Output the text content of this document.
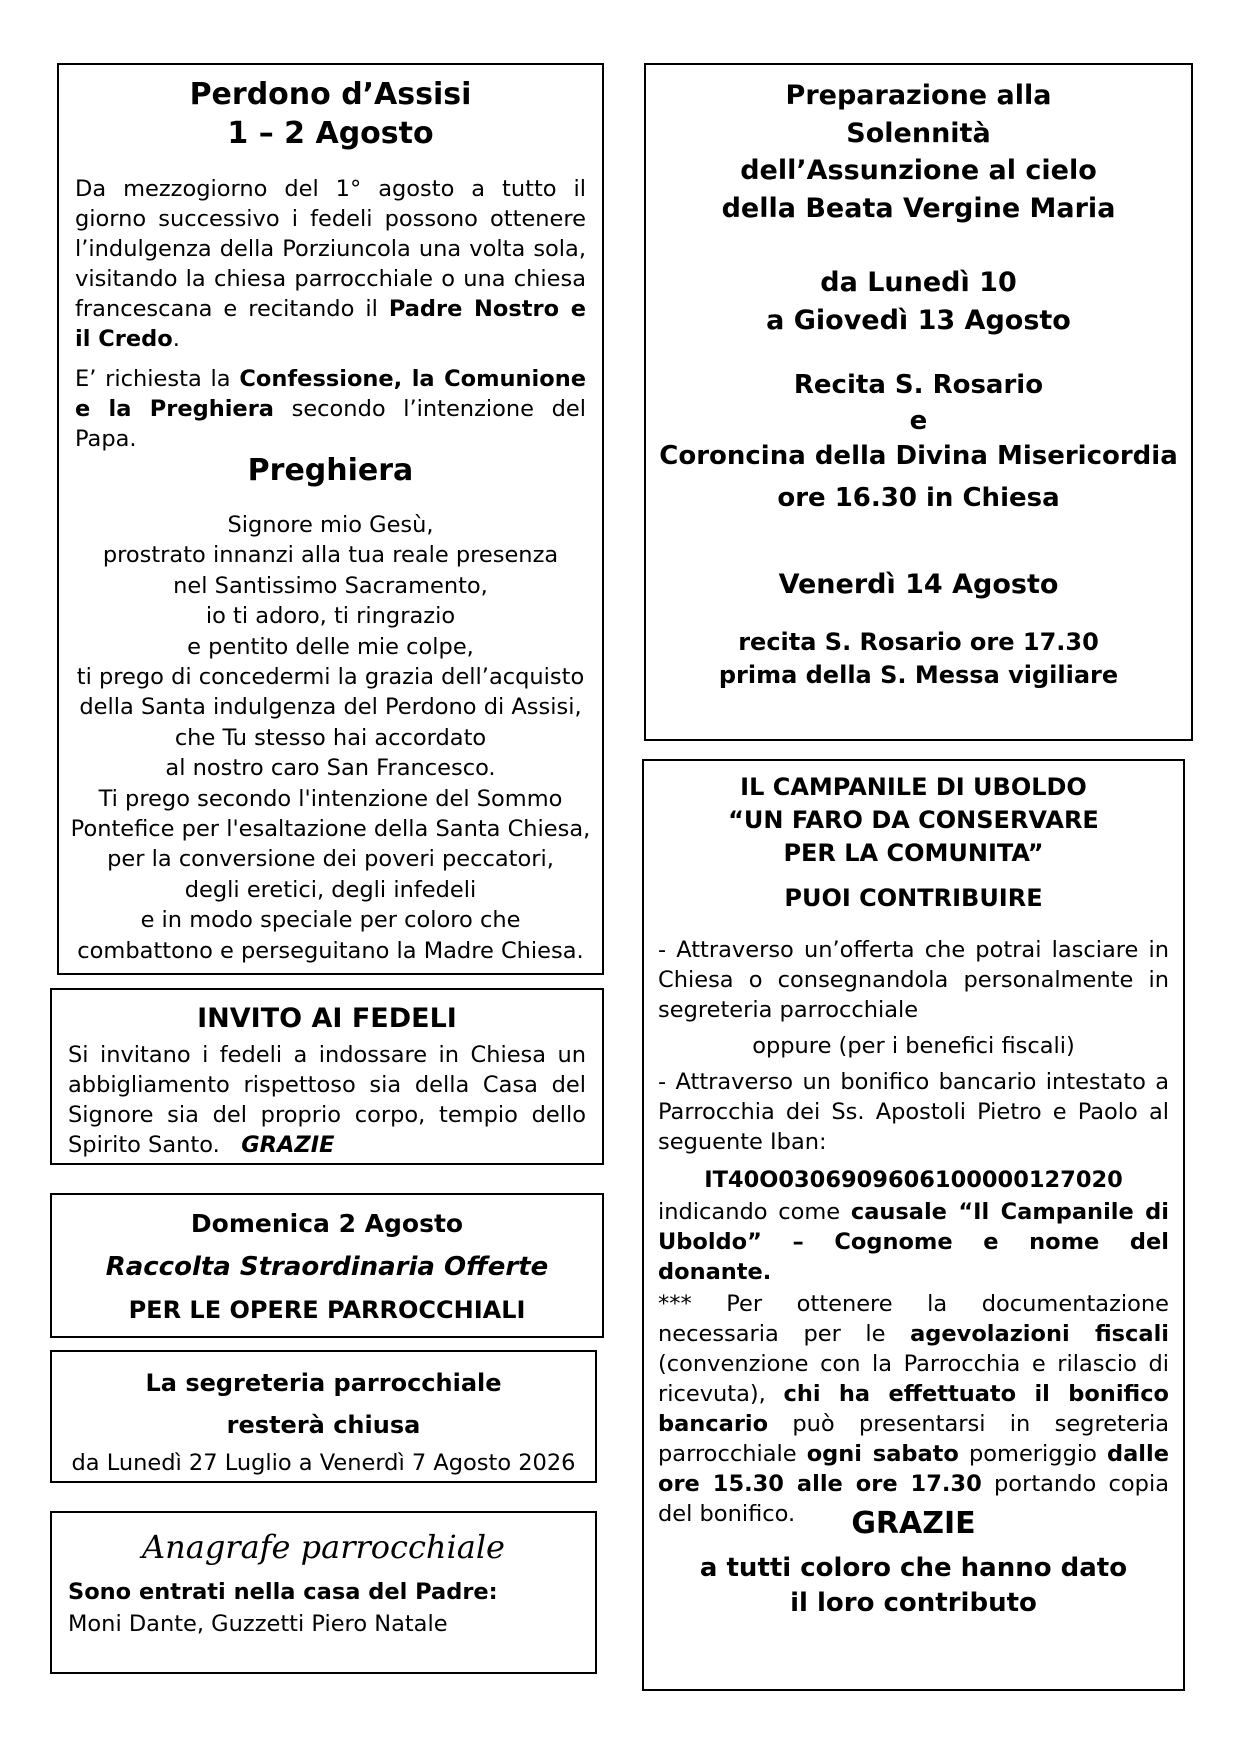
Perdono d’Assisi
1 – 2 Agosto

Da mezzogiorno del 1° agosto a tutto il giorno successivo i fedeli possono ottenere l’indulgenza della Porziuncola una volta sola, visitando la chiesa parrocchiale o una chiesa francescana e recitando il Padre Nostro e il Credo.

E’ richiesta la Confessione, la Comunione e la Preghiera secondo l’intenzione del Papa.

Preghiera
Signore mio Gesù,
prostrato innanzi alla tua reale presenza
nel Santissimo Sacramento,
io ti adoro, ti ringrazio
e pentito delle mie colpe,
ti prego di concedermi la grazia dell’acquisto
della Santa indulgenza del Perdono di Assisi,
che Tu stesso hai accordato
al nostro caro San Francesco.
Ti prego secondo l'intenzione del Sommo
Pontefice per l'esaltazione della Santa Chiesa,
per la conversione dei poveri peccatori,
degli eretici, degli infedeli
e in modo speciale per coloro che
combattono e perseguitano la Madre Chiesa.
INVITO AI FEDELI

Si invitano i fedeli a indossare in Chiesa un abbigliamento rispettoso sia della Casa del Signore sia del proprio corpo, tempio dello Spirito Santo. GRAZIE

Domenica 2 Agosto
Raccolta Straordinaria Offerte
PER LE OPERE PARROCCHIALI
La segreteria parrocchiale
resterà chiusa
da Lunedì 27 Luglio a Venerdì 7 Agosto 2026
Anagrafe parrocchiale
Sono entrati nella casa del Padre:
Moni Dante, Guzzetti Piero Natale
Preparazione alla
Solennità
dell’Assunzione al cielo
della Beata Vergine Maria
da Lunedì 10
a Giovedì 13 Agosto
Recita S. Rosario
e
Coroncina della Divina Misericordia
ore 16.30 in Chiesa
Venerdì 14 Agosto
recita S. Rosario ore 17.30
prima della S. Messa vigiliare
IL CAMPANILE DI UBOLDO
“UN FARO DA CONSERVARE
PER LA COMUNITA”
PUOI CONTRIBUIRE

- Attraverso un’offerta che potrai lasciare in Chiesa o consegnandola personalmente in segreteria parrocchiale

oppure (per i benefici fiscali)

- Attraverso un bonifico bancario intestato a Parrocchia dei Ss. Apostoli Pietro e Paolo al seguente Iban:

IT40O0306909606100000127020

indicando come causale “Il Campanile di Uboldo” – Cognome e nome del donante.

*** Per ottenere la documentazione necessaria per le agevolazioni fiscali (convenzione con la Parrocchia e rilascio di ricevuta), chi ha effettuato il bonifico bancario può presentarsi in segreteria parrocchiale ogni sabato pomeriggio dalle ore 15.30 alle ore 17.30 portando copia del bonifico.	GRAZIE
a tutti coloro che hanno dato
il loro contributo
